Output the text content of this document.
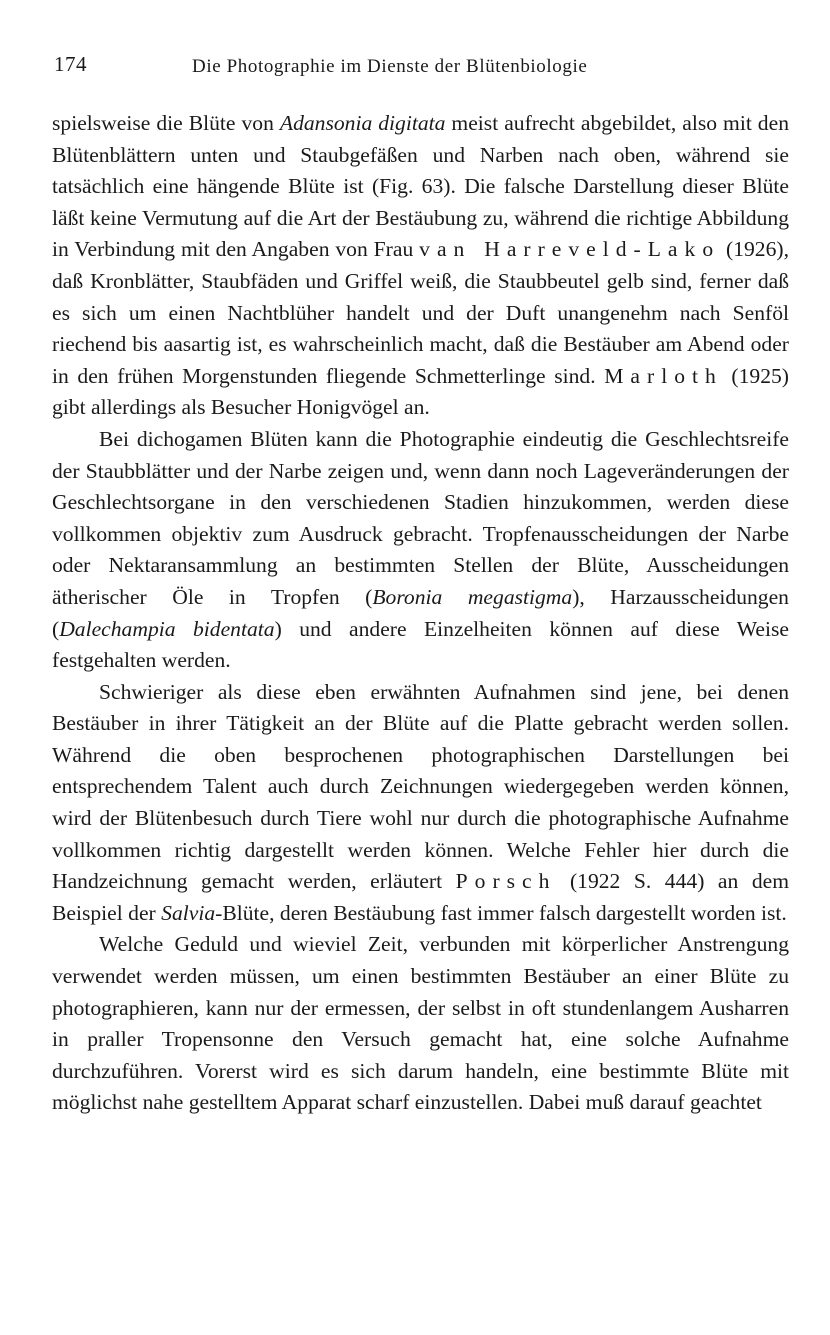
174	Die Photographie im Dienste der Blütenbiologie

spielsweise die Blüte von Adansonia digitata meist aufrecht abgebildet, also mit den Blütenblättern unten und Staubgefäßen und Narben nach oben, während sie tatsächlich eine hängende Blüte ist (Fig. 63). Die falsche Darstellung dieser Blüte läßt keine Vermutung auf die Art der Bestäubung zu, während die richtige Abbildung in Verbindung mit den Angaben von Frau van Harreveld-Lako (1926), daß Kronblätter, Staubfäden und Griffel weiß, die Staubbeutel gelb sind, ferner daß es sich um einen Nachtblüher handelt und der Duft unangenehm nach Senföl riechend bis aasartig ist, es wahrscheinlich macht, daß die Bestäuber am Abend oder in den frühen Morgenstunden fliegende Schmetterlinge sind. Marloth (1925) gibt allerdings als Besucher Honigvögel an.

Bei dichogamen Blüten kann die Photographie eindeutig die Geschlechtsreife der Staubblätter und der Narbe zeigen und, wenn dann noch Lageveränderungen der Geschlechtsorgane in den verschiedenen Stadien hinzukommen, werden diese vollkommen objektiv zum Ausdruck gebracht. Tropfenausscheidungen der Narbe oder Nektaransammlung an bestimmten Stellen der Blüte, Ausscheidungen ätherischer Öle in Tropfen (Boronia megastigma), Harzausscheidungen (Dalechampia bidentata) und andere Einzelheiten können auf diese Weise festgehalten werden.

Schwieriger als diese eben erwähnten Aufnahmen sind jene, bei denen Bestäuber in ihrer Tätigkeit an der Blüte auf die Platte gebracht werden sollen. Während die oben besprochenen photographischen Darstellungen bei entsprechendem Talent auch durch Zeichnungen wiedergegeben werden können, wird der Blütenbesuch durch Tiere wohl nur durch die photographische Aufnahme vollkommen richtig dargestellt werden können. Welche Fehler hier durch die Handzeichnung gemacht werden, erläutert Porsch (1922 S. 444) an dem Beispiel der Salvia-Blüte, deren Bestäubung fast immer falsch dargestellt worden ist.

Welche Geduld und wieviel Zeit, verbunden mit körperlicher Anstrengung verwendet werden müssen, um einen bestimmten Bestäuber an einer Blüte zu photographieren, kann nur der ermessen, der selbst in oft stundenlangem Ausharren in praller Tropensonne den Versuch gemacht hat, eine solche Aufnahme durchzuführen. Vorerst wird es sich darum handeln, eine bestimmte Blüte mit möglichst nahe gestelltem Apparat scharf einzustellen. Dabei muß darauf geachtet
